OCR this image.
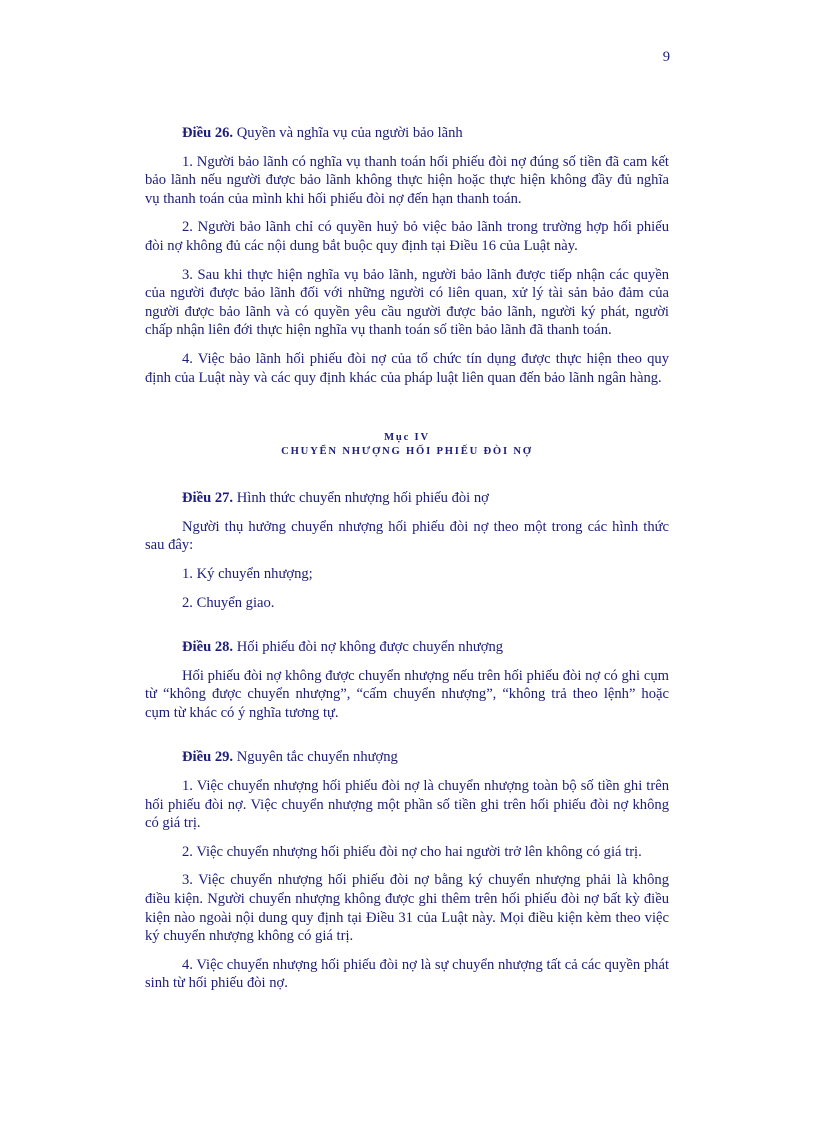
9

Điều 26. Quyền và nghĩa vụ của người bảo lãnh

1. Người bảo lãnh có nghĩa vụ thanh toán hối phiếu đòi nợ đúng số tiền đã cam kết bảo lãnh nếu người được bảo lãnh không thực hiện hoặc thực hiện không đầy đủ nghĩa vụ thanh toán của mình khi hối phiếu đòi nợ đến hạn thanh toán.

2. Người bảo lãnh chỉ có quyền huỷ bỏ việc bảo lãnh trong trường hợp hối phiếu đòi nợ không đủ các nội dung bắt buộc quy định tại Điều 16 của Luật này.

3. Sau khi thực hiện nghĩa vụ bảo lãnh, người bảo lãnh được tiếp nhận các quyền của người được bảo lãnh đối với những người có liên quan, xử lý tài sản bảo đảm của người được bảo lãnh và có quyền yêu cầu người được bảo lãnh, người ký phát, người chấp nhận liên đới thực hiện nghĩa vụ thanh toán số tiền bảo lãnh đã thanh toán.

4. Việc bảo lãnh hối phiếu đòi nợ của tổ chức tín dụng được thực hiện theo quy định của Luật này và các quy định khác của pháp luật liên quan đến bảo lãnh ngân hàng.

Mục IV
CHUYỂN NHƯỢNG HỐI PHIẾU ĐÒI NỢ

Điều 27. Hình thức chuyển nhượng hối phiếu đòi nợ

Người thụ hưởng chuyển nhượng hối phiếu đòi nợ theo một trong các hình thức sau đây:

1. Ký chuyển nhượng;

2. Chuyển giao.

Điều 28. Hối phiếu đòi nợ không được chuyển nhượng

Hối phiếu đòi nợ không được chuyển nhượng nếu trên hối phiếu đòi nợ có ghi cụm từ “không được chuyển nhượng”, “cấm chuyển nhượng”, “không trả theo lệnh” hoặc cụm từ khác có ý nghĩa tương tự.

Điều 29. Nguyên tắc chuyển nhượng

1. Việc chuyển nhượng hối phiếu đòi nợ là chuyển nhượng toàn bộ số tiền ghi trên hối phiếu đòi nợ. Việc chuyển nhượng một phần số tiền ghi trên hối phiếu đòi nợ không có giá trị.

2. Việc chuyển nhượng hối phiếu đòi nợ cho hai người trở lên không có giá trị.

3. Việc chuyển nhượng hối phiếu đòi nợ bằng ký chuyển nhượng phải là không điều kiện. Người chuyển nhượng không được ghi thêm trên hối phiếu đòi nợ bất kỳ điều kiện nào ngoài nội dung quy định tại Điều 31 của Luật này. Mọi điều kiện kèm theo việc ký chuyển nhượng không có giá trị.

4. Việc chuyển nhượng hối phiếu đòi nợ là sự chuyển nhượng tất cả các quyền phát sinh từ hối phiếu đòi nợ.
